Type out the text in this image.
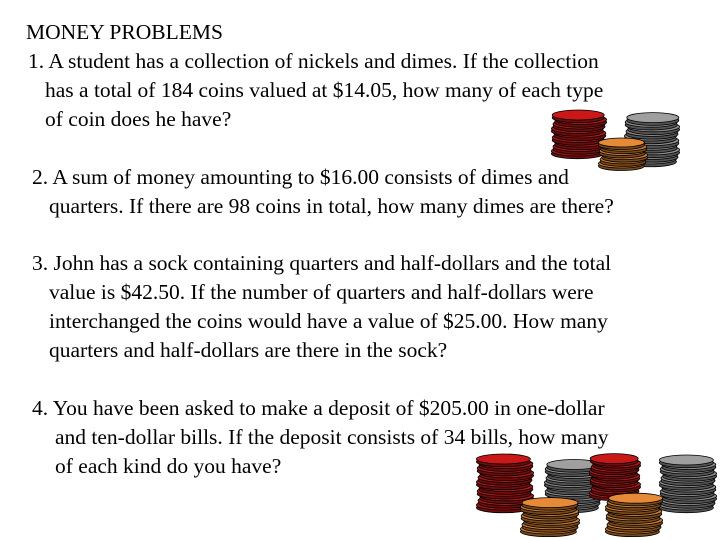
MONEY PROBLEMS
1. A student has a collection of nickels and dimes. If the collection
has a total of 184 coins valued at $14.05, how many of each type
of coin does he have?
2. A sum of money amounting to $16.00 consists of dimes and
quarters. If there are 98 coins in total, how many dimes are there?
3. John has a sock containing quarters and half-dollars and the total
value is $42.50. If the number of quarters and half-dollars were
interchanged the coins would have a value of $25.00. How many
quarters and half-dollars are there in the sock?
4. You have been asked to make a deposit of $205.00 in one-dollar
and ten-dollar bills. If the deposit consists of 34 bills, how many
of each kind do you have?
